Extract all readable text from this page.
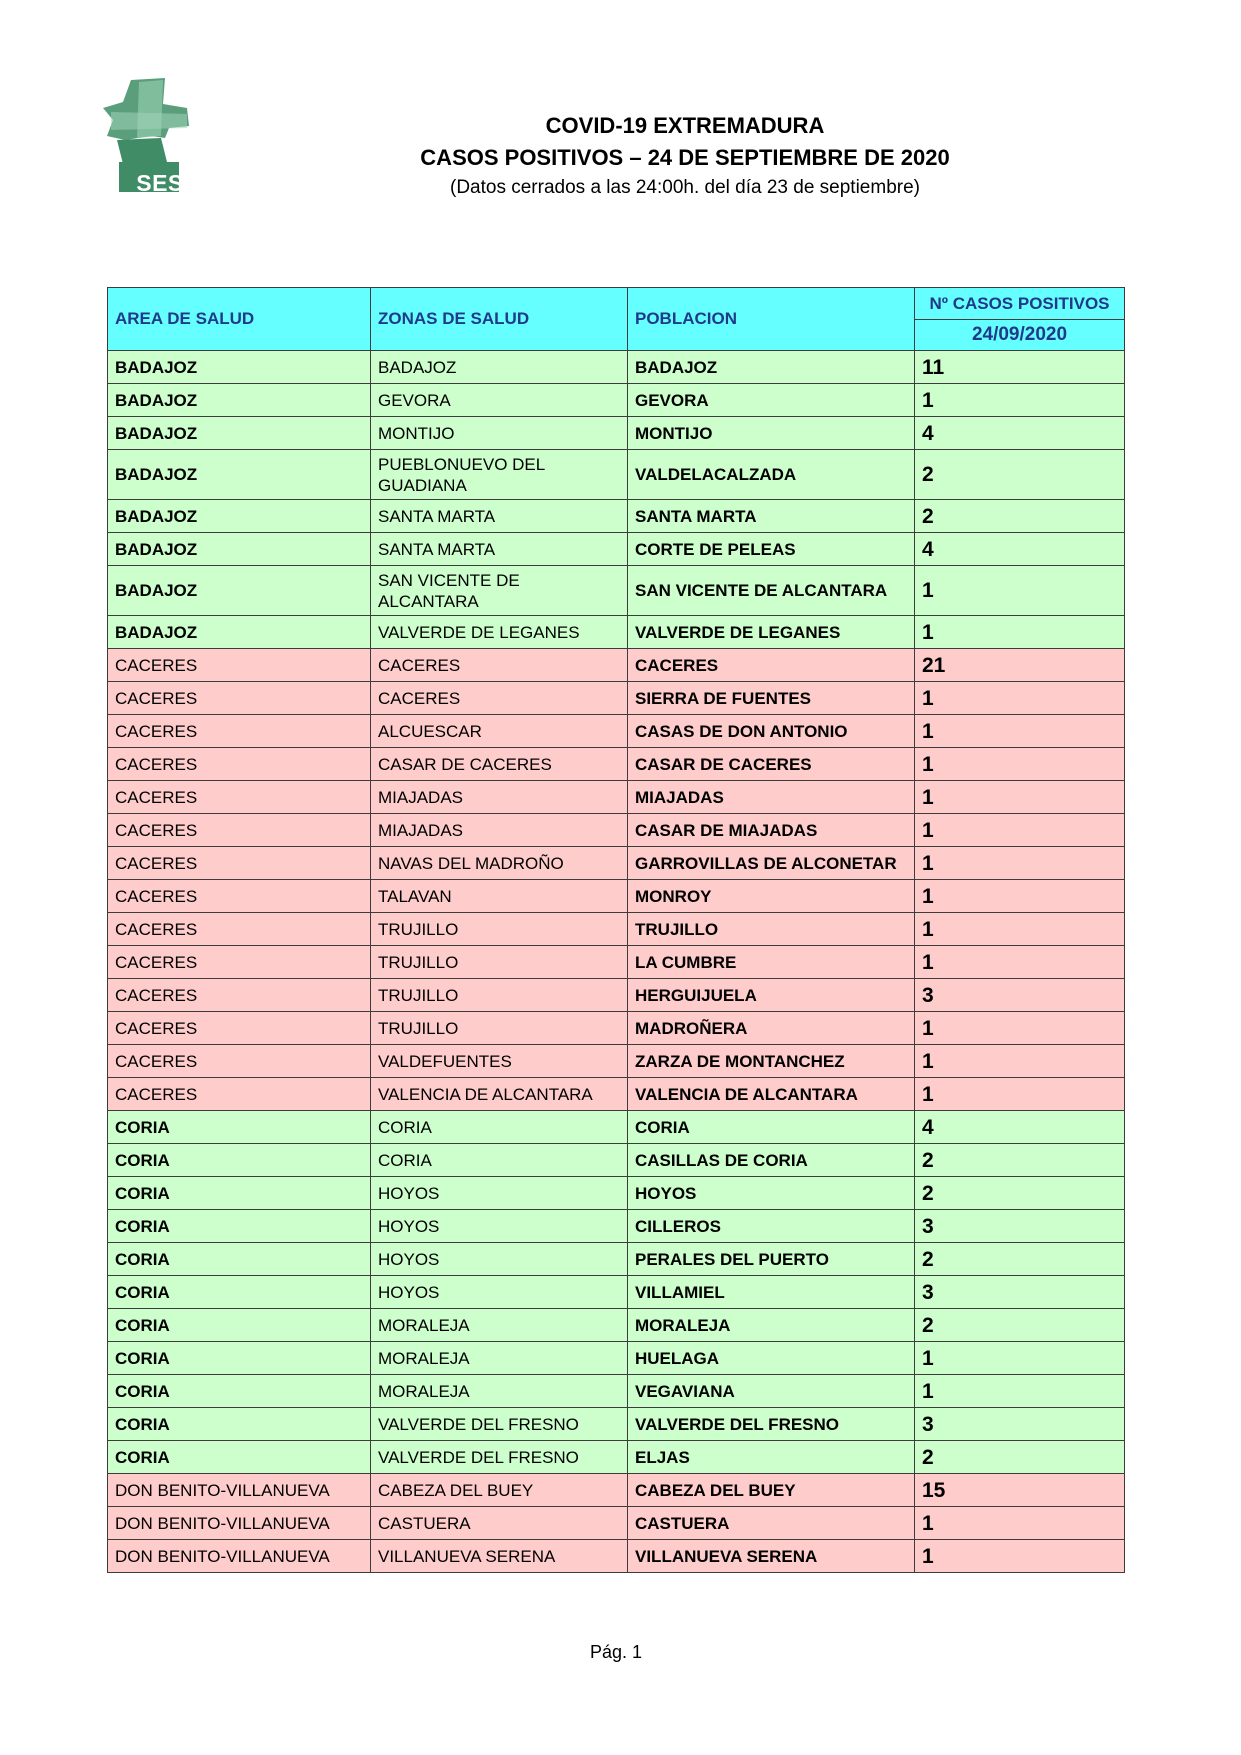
SES
COVID-19 EXTREMADURA
CASOS POSITIVOS – 24 DE SEPTIEMBRE DE 2020
(Datos cerrados a las 24:00h. del día 23 de septiembre)
AREA DE SALUD	ZONAS DE SALUD	POBLACION	Nº CASOS POSITIVOS
24/09/2020

BADAJOZ	BADAJOZ	BADAJOZ	11
BADAJOZ	GEVORA	GEVORA	1
BADAJOZ	MONTIJO	MONTIJO	4
BADAJOZ	PUEBLONUEVO DEL GUADIANA	VALDELACALZADA	2
BADAJOZ	SANTA MARTA	SANTA MARTA	2
BADAJOZ	SANTA MARTA	CORTE DE PELEAS	4
BADAJOZ	SAN VICENTE DE ALCANTARA	SAN VICENTE DE ALCANTARA	1
BADAJOZ	VALVERDE DE LEGANES	VALVERDE DE LEGANES	1
CACERES	CACERES	CACERES	21
CACERES	CACERES	SIERRA DE FUENTES	1
CACERES	ALCUESCAR	CASAS DE DON ANTONIO	1
CACERES	CASAR DE CACERES	CASAR DE CACERES	1
CACERES	MIAJADAS	MIAJADAS	1
CACERES	MIAJADAS	CASAR DE MIAJADAS	1
CACERES	NAVAS DEL MADROÑO	GARROVILLAS DE ALCONETAR	1
CACERES	TALAVAN	MONROY	1
CACERES	TRUJILLO	TRUJILLO	1
CACERES	TRUJILLO	LA CUMBRE	1
CACERES	TRUJILLO	HERGUIJUELA	3
CACERES	TRUJILLO	MADROÑERA	1
CACERES	VALDEFUENTES	ZARZA DE MONTANCHEZ	1
CACERES	VALENCIA DE ALCANTARA	VALENCIA DE ALCANTARA	1
CORIA	CORIA	CORIA	4
CORIA	CORIA	CASILLAS DE CORIA	2
CORIA	HOYOS	HOYOS	2
CORIA	HOYOS	CILLEROS	3
CORIA	HOYOS	PERALES DEL PUERTO	2
CORIA	HOYOS	VILLAMIEL	3
CORIA	MORALEJA	MORALEJA	2
CORIA	MORALEJA	HUELAGA	1
CORIA	MORALEJA	VEGAVIANA	1
CORIA	VALVERDE DEL FRESNO	VALVERDE DEL FRESNO	3
CORIA	VALVERDE DEL FRESNO	ELJAS	2
DON BENITO-VILLANUEVA	CABEZA DEL BUEY	CABEZA DEL BUEY	15
DON BENITO-VILLANUEVA	CASTUERA	CASTUERA	1
DON BENITO-VILLANUEVA	VILLANUEVA SERENA	VILLANUEVA SERENA	1
Pág. 1
